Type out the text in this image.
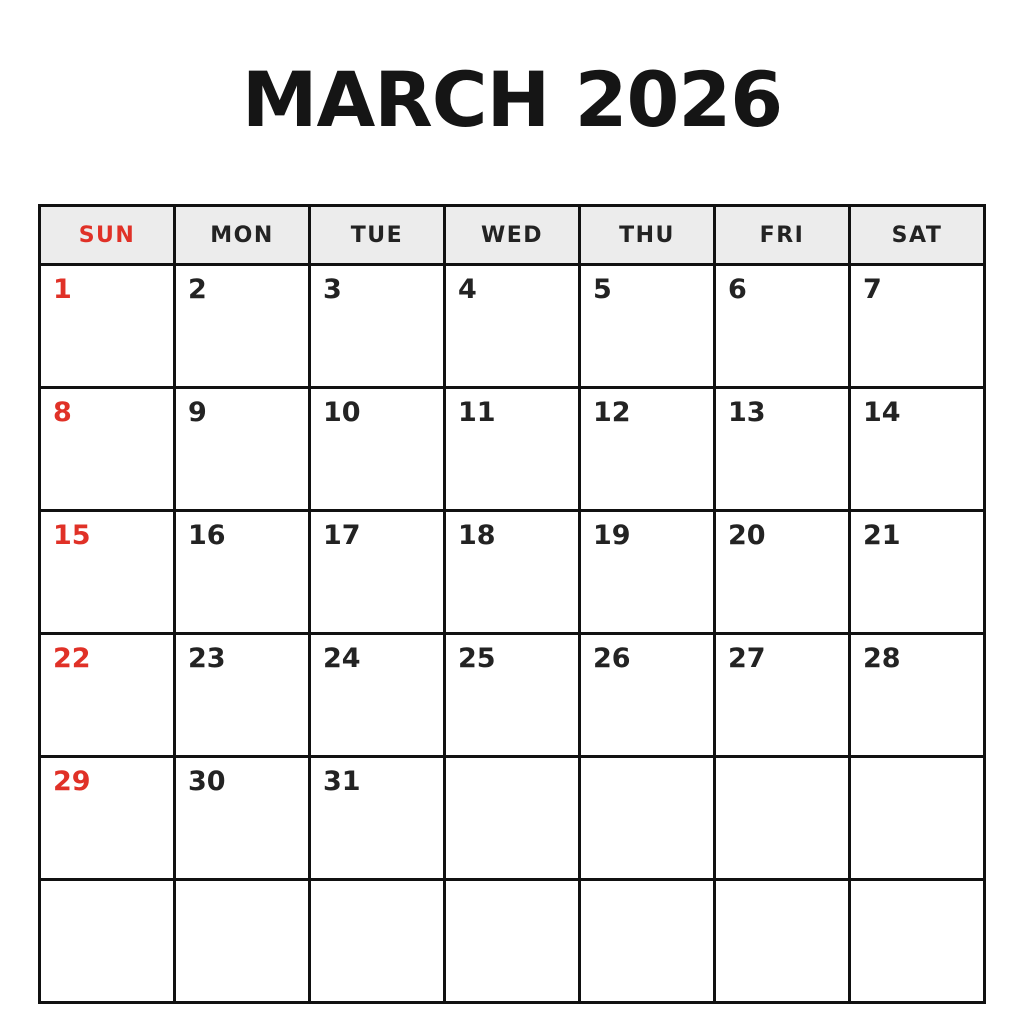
MARCH 2026
SUN	MON	TUE	WED	THU	FRI	SAT
1	2	3	4	5	6	7
8	9	10	11	12	13	14
15	16	17	18	19	20	21
22	23	24	25	26	27	28
29	30	31
